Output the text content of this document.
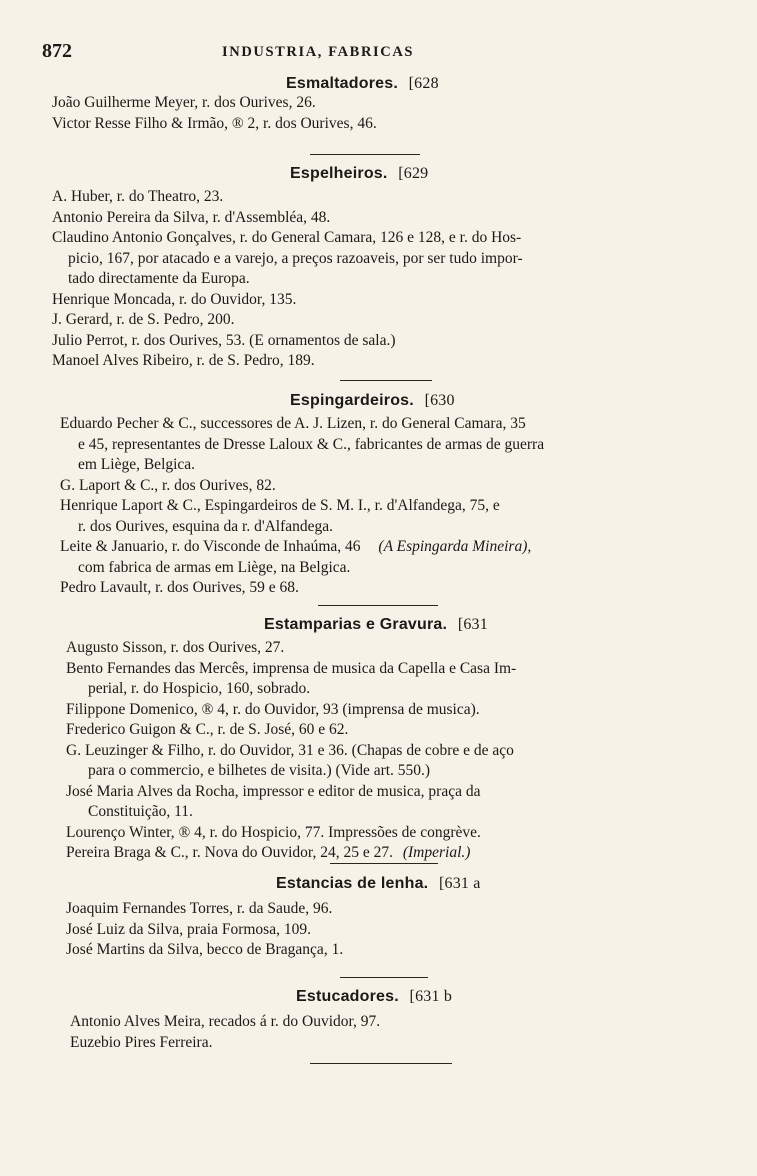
872	INDUSTRIA, FABRICAS
Esmaltadores. [628
João Guilherme Meyer, r. dos Ourives, 26.
Victor Resse Filho & Irmão, ® 2, r. dos Ourives, 46.
Espelheiros. [629
A. Huber, r. do Theatro, 23.
Antonio Pereira da Silva, r. d'Assembléa, 48.
Claudino Antonio Gonçalves, r. do General Camara, 126 e 128, e r. do Hos-
picio, 167, por atacado e a varejo, a preços razoaveis, por ser tudo impor-
tado directamente da Europa.
Henrique Moncada, r. do Ouvidor, 135.
J. Gerard, r. de S. Pedro, 200.
Julio Perrot, r. dos Ourives, 53. (E ornamentos de sala.)
Manoel Alves Ribeiro, r. de S. Pedro, 189.
Espingardeiros. [630
Eduardo Pecher & C., successores de A. J. Lizen, r. do General Camara, 35
e 45, representantes de Dresse Laloux & C., fabricantes de armas de guerra
em Liège, Belgica.
G. Laport & C., r. dos Ourives, 82.
Henrique Laport & C., Espingardeiros de S. M. I., r. d'Alfandega, 75, e
r. dos Ourives, esquina da r. d'Alfandega.
Leite & Januario, r. do Visconde de Inhaúma, 46 (A Espingarda Mineira),
com fabrica de armas em Liège, na Belgica.
Pedro Lavault, r. dos Ourives, 59 e 68.
Estamparias e Gravura. [631
Augusto Sisson, r. dos Ourives, 27.
Bento Fernandes das Mercês, imprensa de musica da Capella e Casa Im-
perial, r. do Hospicio, 160, sobrado.
Filippone Domenico, ® 4, r. do Ouvidor, 93 (imprensa de musica).
Frederico Guigon & C., r. de S. José, 60 e 62.
G. Leuzinger & Filho, r. do Ouvidor, 31 e 36. (Chapas de cobre e de aço
para o commercio, e bilhetes de visita.) (Vide art. 550.)
José Maria Alves da Rocha, impressor e editor de musica, praça da
Constituição, 11.
Lourenço Winter, ® 4, r. do Hospicio, 77. Impressões de congrève.
Pereira Braga & C., r. Nova do Ouvidor, 24, 25 e 27. (Imperial.)
Estancias de lenha. [631 a
Joaquim Fernandes Torres, r. da Saude, 96.
José Luiz da Silva, praia Formosa, 109.
José Martins da Silva, becco de Bragança, 1.
Estucadores. [631 b
Antonio Alves Meira, recados á r. do Ouvidor, 97.
Euzebio Pires Ferreira.
